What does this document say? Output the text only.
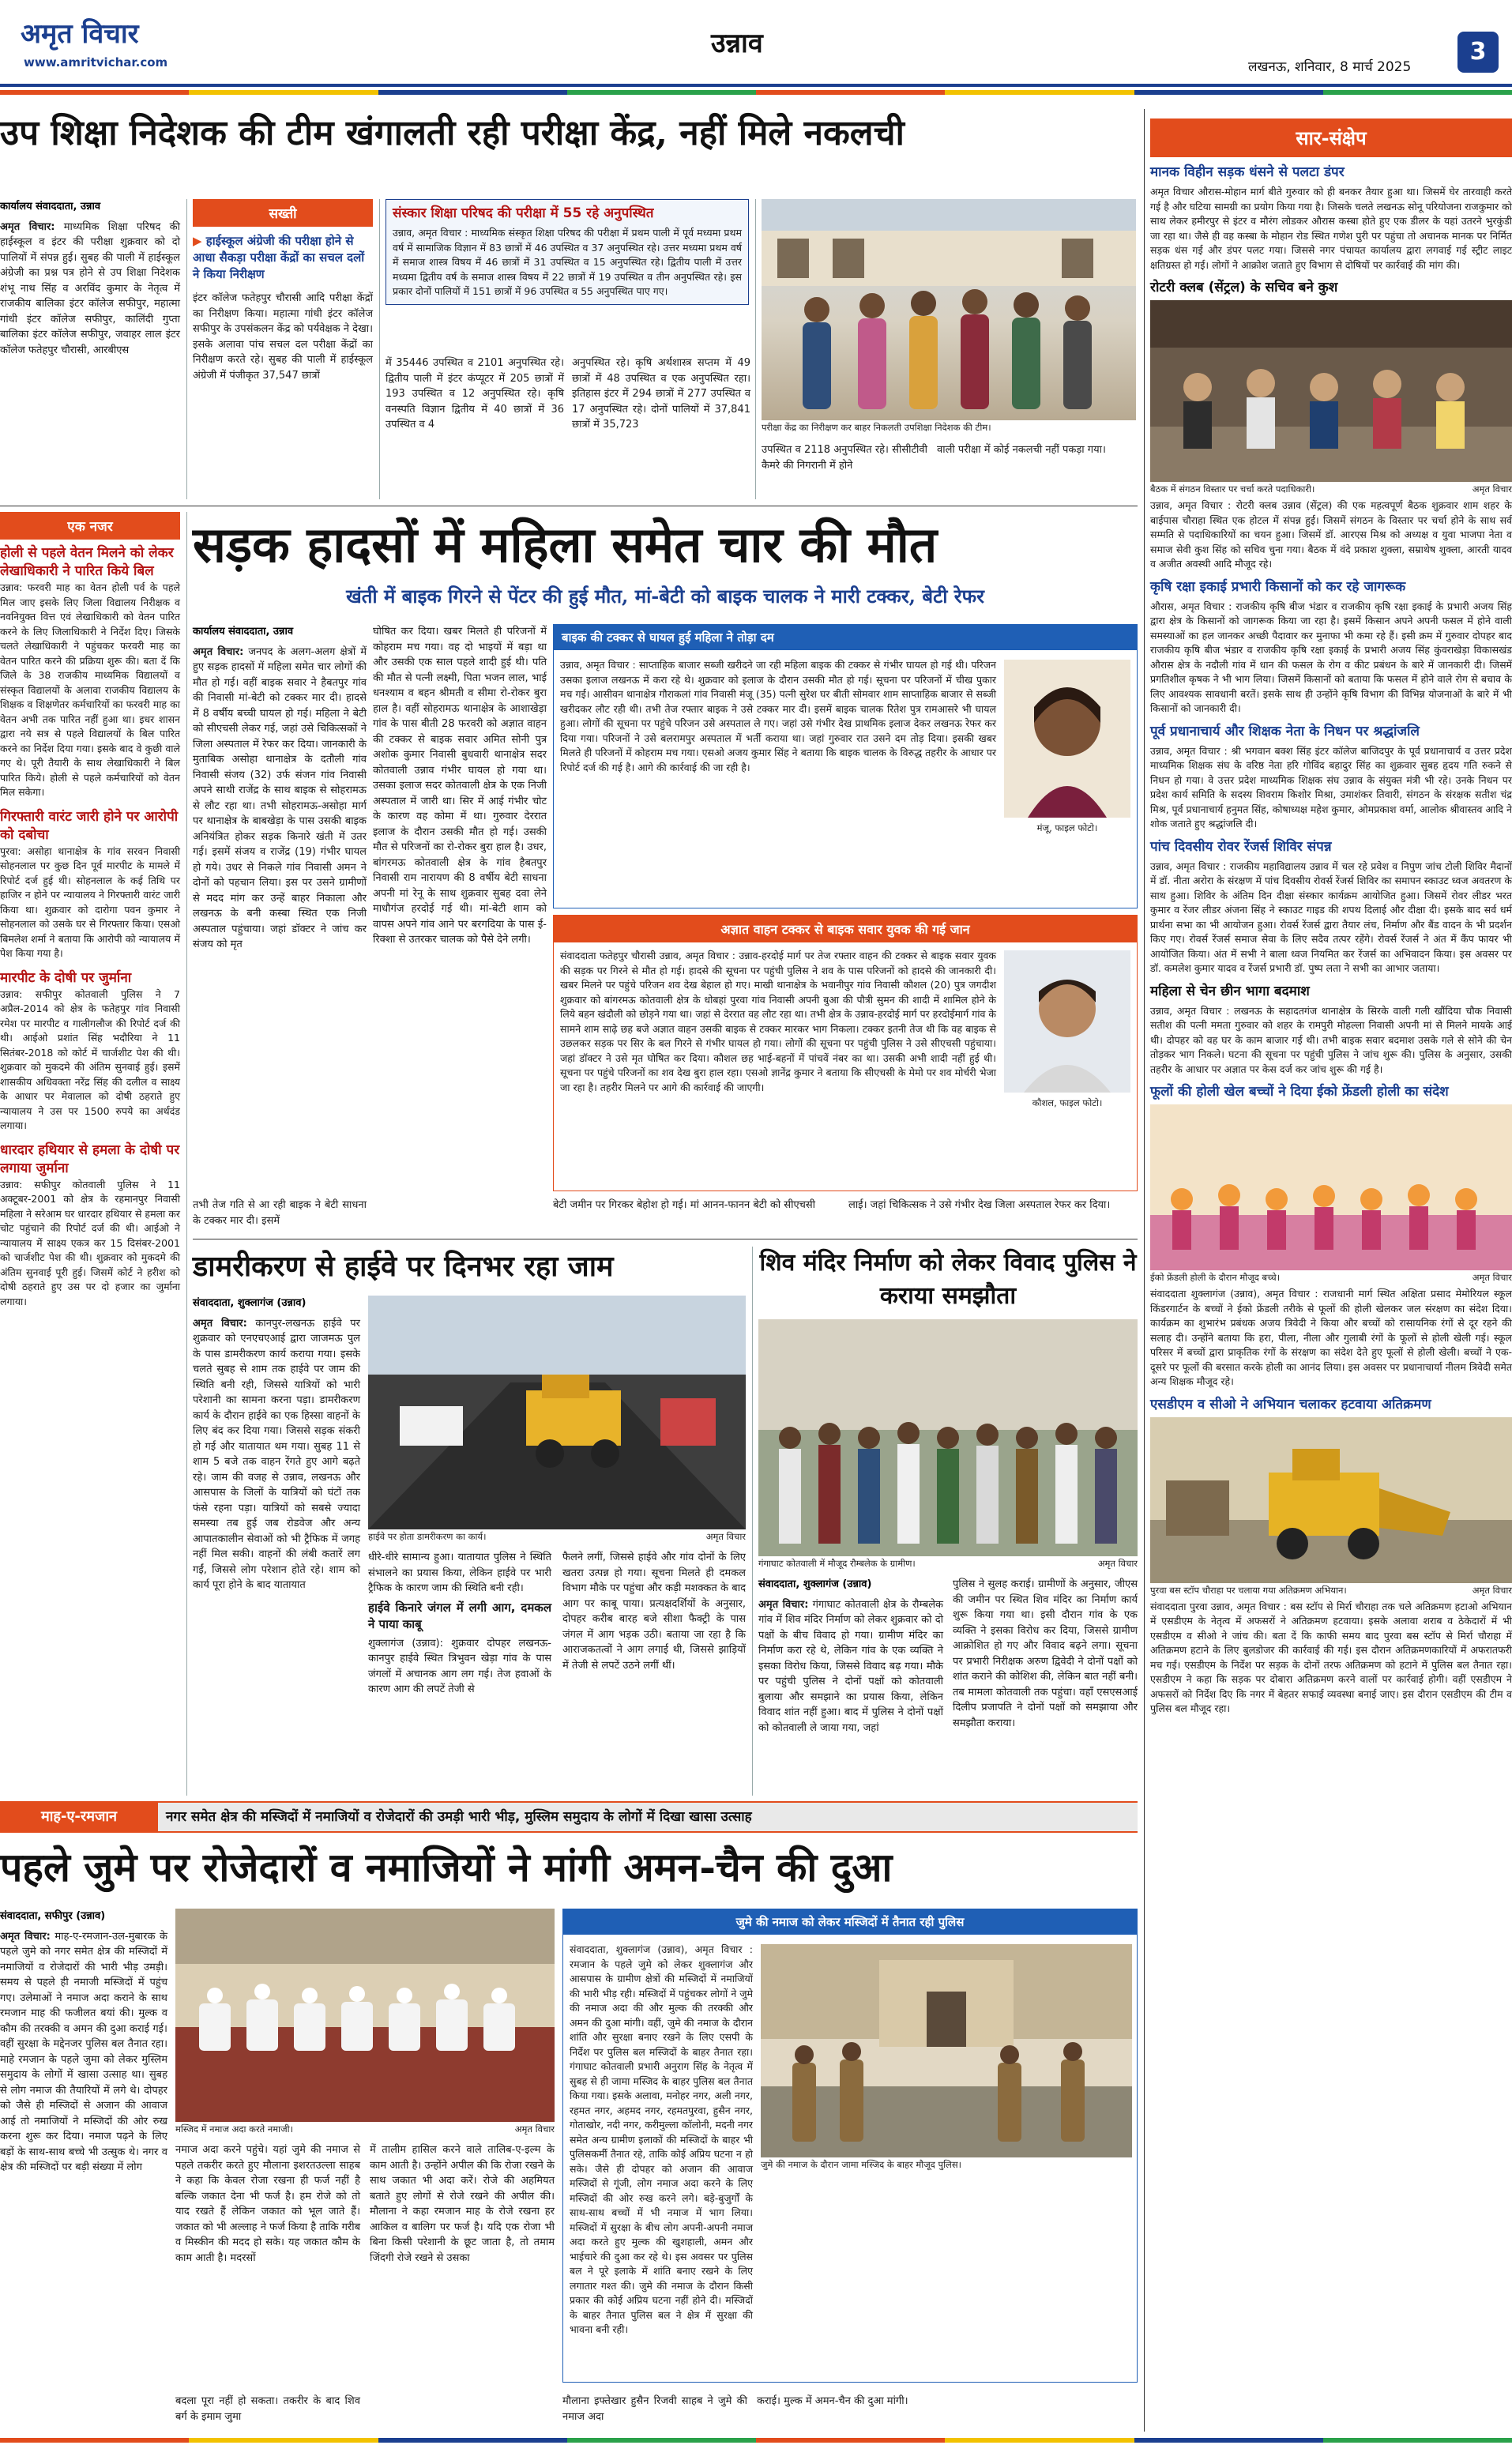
अमृत विचार
www.amritvichar.com
उन्नाव
लखनऊ, शनिवार, 8 मार्च 2025
3
उप शिक्षा निदेशक की टीम खंगालती रही परीक्षा केंद्र, नहीं मिले नकलची
कार्यालय संवाददाता, उन्नाव

अमृत विचार: माध्यमिक शिक्षा परिषद की हाईस्कूल व इंटर की परीक्षा शुक्रवार को दो पालियों में संपन्न हुई। सुबह की पाली में हाईस्कूल अंग्रेजी का प्रश्न पत्र होने से उप शिक्षा निदेशक शंभू नाथ सिंह व अरविंद कुमार के नेतृत्व में राजकीय बालिका इंटर कॉलेज सफीपुर, महात्मा गांधी इंटर कॉलेज सफीपुर, कालिंदी गुप्ता बालिका इंटर कॉलेज सफीपुर, जवाहर लाल इंटर कॉलेज फतेहपुर चौरासी, आरबीएस

सख्ती
▶ हाईस्कूल अंग्रेजी की परीक्षा होने से आधा सैकड़ा परीक्षा केंद्रों का सचल दलों ने किया निरीक्षण
इंटर कॉलेज फतेहपुर चौरासी आदि परीक्षा केंद्रों का निरीक्षण किया। महात्मा गांधी इंटर कॉलेज सफीपुर के उपसंकलन केंद्र को पर्यवेक्षक ने देखा। इसके अलावा पांच सचल दल परीक्षा केंद्रों का निरीक्षण करते रहे। सुबह की पाली में हाईस्कूल अंग्रेजी में पंजीकृत 37,547 छात्रों
संस्कार शिक्षा परिषद की परीक्षा में 55 रहे अनुपस्थित
उन्नाव, अमृत विचार : माध्यमिक संस्कृत शिक्षा परिषद की परीक्षा में प्रथम पाली में पूर्व मध्यमा प्रथम वर्ष में सामाजिक विज्ञान में 83 छात्रों में 46 उपस्थित व 37 अनुपस्थित रहे। उत्तर मध्यमा प्रथम वर्ष में समाज शास्त्र विषय में 46 छात्रों में 31 उपस्थित व 15 अनुपस्थित रहे। द्वितीय पाली में उत्तर मध्यमा द्वितीय वर्ष के समाज शास्त्र विषय में 22 छात्रों में 19 उपस्थित व तीन अनुपस्थित रहे। इस प्रकार दोनों पालियों में 151 छात्रों में 96 उपस्थित व 55 अनुपस्थित पाए गए।
में 35446 उपस्थित व 2101 अनुपस्थित रहे। द्वितीय पाली में इंटर कंप्यूटर में 205 छात्रों में 193 उपस्थित व 12 अनुपस्थित रहे। कृषि वनस्पति विज्ञान द्वितीय में 40 छात्रों में 36 उपस्थित व 4
अनुपस्थित रहे। कृषि अर्थशास्त्र सप्तम में 49 छात्रों में 48 उपस्थित व एक अनुपस्थित रहा। इतिहास इंटर में 294 छात्रों में 277 उपस्थित व 17 अनुपस्थित रहे। दोनों पालियों में 37,841 छात्रों में 35,723
उपस्थित व 2118 अनुपस्थित रहे। सीसीटीवी कैमरे की निगरानी में होने
वाली परीक्षा में कोई नकलची नहीं पकड़ा गया।
परीक्षा केंद्र का निरीक्षण कर बाहर निकलती उपशिक्षा निदेशक की टीम।
एक नजर
होली से पहले वेतन मिलने को लेकर लेखाधिकारी ने पारित किये बिल
उन्नाव: फरवरी माह का वेतन होली पर्व के पहले मिल जाए इसके लिए जिला विद्यालय निरीक्षक व नवनियुक्त वित्त एवं लेखाधिकारी को वेतन पारित करने के लिए जिलाधिकारी ने निर्देश दिए। जिसके चलते लेखाधिकारी ने पहुंचकर फरवरी माह का वेतन पारित करने की प्रक्रिया शुरू की। बता दें कि जिले के 38 राजकीय माध्यमिक विद्यालयों व संस्कृत विद्यालयों के अलावा राजकीय विद्यालय के शिक्षक व शिक्षणेतर कर्मचारियों का फरवरी माह का वेतन अभी तक पारित नहीं हुआ था। इधर शासन द्वारा नये सत्र से पहले विद्यालयों के बिल पारित करने का निर्देश दिया गया। इसके बाद वे कुछी वाले गए थे। पूरी तैयारी के साथ लेखाधिकारी ने बिल पारित किये। होली से पहले कर्मचारियों को वेतन मिल सकेगा।
गिरफ्तारी वारंट जारी होने पर आरोपी को दबोचा
पुरवा: असोहा थानाक्षेत्र के गांव सरवन निवासी सोहनलाल पर कुछ दिन पूर्व मारपीट के मामले में रिपोर्ट दर्ज हुई थी। सोहनलाल के कई तिथि पर हाजिर न होने पर न्यायालय ने गिरफ्तारी वारंट जारी किया था। शुक्रवार को दारोगा पवन कुमार ने सोहनलाल को उसके घर से गिरफ्तार किया। एसओ बिमलेश शर्मा ने बताया कि आरोपी को न्यायालय में पेश किया गया है।
मारपीट के दोषी पर जुर्माना
उन्नाव: सफीपुर कोतवाली पुलिस ने 7 अप्रैल-2014 को क्षेत्र के फतेहपुर गांव निवासी रमेश पर मारपीट व गालीगलौज की रिपोर्ट दर्ज की थी। आईओ प्रशांत सिंह भदौरिया ने 11 सितंबर-2018 को कोर्ट में चार्जशीट पेश की थी। शुक्रवार को मुकदमे की अंतिम सुनवाई हुई। इसमें शासकीय अधिवक्ता नरेंद्र सिंह की दलील व साक्ष्य के आधार पर मेवालाल को दोषी ठहराते हुए न्यायालय ने उस पर 1500 रुपये का अर्थदंड लगाया।
धारदार हथियार से हमला के दोषी पर लगाया जुर्माना
उन्नाव: सफीपुर कोतवाली पुलिस ने 11 अक्टूबर-2001 को क्षेत्र के रहमानपुर निवासी महिला ने सरेआम घर धारदार हथियार से हमला कर चोट पहुंचाने की रिपोर्ट दर्ज की थी। आईओ ने न्यायालय में साक्ष्य एकत्र कर 15 दिसंबर-2001 को चार्जशीट पेश की थी। शुक्रवार को मुकदमे की अंतिम सुनवाई पूरी हुई। जिसमें कोर्ट ने हरीश को दोषी ठहराते हुए उस पर दो हजार का जुर्माना लगाया।
सड़क हादसों में महिला समेत चार की मौत
खंती में बाइक गिरने से पेंटर की हुई मौत, मां-बेटी को बाइक चालक ने मारी टक्कर, बेटी रेफर
कार्यालय संवाददाता, उन्नाव

अमृत विचार: जनपद के अलग-अलग क्षेत्रों में हुए सड़क हादसों में महिला समेत चार लोगों की मौत हो गई। वहीं बाइक सवार ने हैबतपुर गांव की निवासी मां-बेटी को टक्कर मार दी। हादसे में 8 वर्षीय बच्ची घायल हो गई। महिला ने बेटी को सीएचसी लेकर गई, जहां उसे चिकित्सकों ने जिला अस्पताल में रेफर कर दिया। जानकारी के मुताबिक असोहा थानाक्षेत्र के दतौली गांव निवासी संजय (32) उर्फ संजन गांव निवासी अपने साथी राजेंद्र के साथ बाइक से सोहरामऊ से लौट रहा था। तभी सोहरामऊ-असोहा मार्ग पर थानाक्षेत्र के बाबखेड़ा के पास उसकी बाइक अनियंत्रित होकर सड़क किनारे खंती में उतर गई। इसमें संजय व राजेंद्र (19) गंभीर घायल हो गये। उधर से निकले गांव निवासी अमन ने दोनों को पहचान लिया। इस पर उसने ग्रामीणों से मदद मांग कर उन्हें बाहर निकाला और लखनऊ के बनी कस्बा स्थित एक निजी अस्पताल पहुंचाया। जहां डॉक्टर ने जांच कर संजय को मृत

घोषित कर दिया। खबर मिलते ही परिजनों में कोहराम मच गया। वह दो भाइयों में बड़ा था और उसकी एक साल पहले शादी हुई थी। पति की मौत से पत्नी लक्ष्मी, पिता भजन लाल, भाई धनश्याम व बहन श्रीमती व सीमा रो-रोकर बुरा हाल है। वहीं सोहरामऊ थानाक्षेत्र के आशाखेड़ा गांव के पास बीती 28 फरवरी को अज्ञात वाहन की टक्कर से बाइक सवार अमित सोनी पुत्र अशोक कुमार निवासी बुधवारी थानाक्षेत्र सदर कोतवाली उन्नाव गंभीर घायल हो गया था। उसका इलाज सदर कोतवाली क्षेत्र के एक निजी अस्पताल में जारी था। सिर में आई गंभीर चोट के कारण वह कोमा में था। गुरुवार देररात इलाज के दौरान उसकी मौत हो गई। उसकी मौत से परिजनों का रो-रोकर बुरा हाल है। उधर, बांगरमऊ कोतवाली क्षेत्र के गांव हैबतपुर निवासी राम नारायण की 8 वर्षीय बेटी साधना अपनी मां रेनू के साथ शुक्रवार सुबह दवा लेने माधौगंज हरदोई गई थी। मां-बेटी शाम को वापस अपने गांव आने पर बरगदिया के पास ई-रिक्शा से उतरकर चालक को पैसे देने लगी।
बाइक की टक्कर से घायल हुई महिला ने तोड़ा दम
उन्नाव, अमृत विचार : साप्ताहिक बाजार सब्जी खरीदने जा रही महिला बाइक की टक्कर से गंभीर घायल हो गई थी। परिजन उसका इलाज लखनऊ में करा रहे थे। शुक्रवार को इलाज के दौरान उसकी मौत हो गई। सूचना पर परिजनों में चीख पुकार मच गई। आसीवन थानाक्षेत्र गौराकलां गांव निवासी मंजू (35) पत्नी सुरेश घर बीती सोमवार शाम साप्ताहिक बाजार से सब्जी खरीदकर लौट रही थी। तभी तेज रफ्तार बाइक ने उसे टक्कर मार दी। इसमें बाइक चालक रितेश पुत्र रामआसरे भी घायल हुआ। लोगों की सूचना पर पहुंचे परिजन उसे अस्पताल ले गए। जहां उसे गंभीर देख प्राथमिक इलाज देकर लखनऊ रेफर कर दिया गया। परिजनों ने उसे बलरामपुर अस्पताल में भर्ती कराया था। जहां गुरुवार रात उसने दम तोड़ दिया। इसकी खबर मिलते ही परिजनों में कोहराम मच गया। एसओ अजय कुमार सिंह ने बताया कि बाइक चालक के विरुद्ध तहरीर के आधार पर रिपोर्ट दर्ज की गई है। आगे की कार्रवाई की जा रही है।
मंजू, फाइल फोटो।
अज्ञात वाहन टक्कर से बाइक सवार युवक की गई जान
संवाददाता फतेहपुर चौरासी उन्नाव, अमृत विचार : उन्नाव-हरदोई मार्ग पर तेज रफ्तार वाहन की टक्कर से बाइक सवार युवक की सड़क पर गिरने से मौत हो गई। हादसे की सूचना पर पहुंची पुलिस ने शव के पास परिजनों को हादसे की जानकारी दी। खबर मिलने पर पहुंचे परिजन शव देख बेहाल हो गए। माखी थानाक्षेत्र के भवानीपुर गांव निवासी कौशल (20) पुत्र जगदीश शुक्रवार को बांगरमऊ कोतवाली क्षेत्र के धोबहां पुरवा गांव निवासी अपनी बुआ की पौत्री सुमन की शादी में शामिल होने के लिये बहन खंदौली को छोड़ने गया था। जहां से देररात वह लौट रहा था। तभी क्षेत्र के उन्नाव-हरदोई मार्ग पर हरदोईमार्ग गांव के सामने शाम साढ़े छह बजे अज्ञात वाहन उसकी बाइक से टक्कर मारकर भाग निकला। टक्कर इतनी तेज थी कि वह बाइक से उछलकर सड़क पर सिर के बल गिरने से गंभीर घायल हो गया। लोगों की सूचना पर पहुंची पुलिस ने उसे सीएचसी पहुंचाया। जहां डॉक्टर ने उसे मृत घोषित कर दिया। कौशल छह भाई-बहनों में पांचवें नंबर का था। उसकी अभी शादी नहीं हुई थी। सूचना पर पहुंचे परिजनों का शव देख बुरा हाल रहा। एसओ ज्ञानेंद्र कुमार ने बताया कि सीएचसी के मेमो पर शव मोर्चरी भेजा जा रहा है। तहरीर मिलने पर आगे की कार्रवाई की जाएगी।
कौशल, फाइल फोटो।
तभी तेज गति से आ रही बाइक ने बेटी साधना के टक्कर मार दी। इसमें
बेटी जमीन पर गिरकर बेहोश हो गई। मां आनन-फानन बेटी को सीएचसी	लाई। जहां चिकित्सक ने उसे गंभीर देख जिला अस्पताल रेफर कर दिया।
डामरीकरण से हाईवे पर दिनभर रहा जाम
संवाददाता, शुक्लागंज (उन्नाव)

अमृत विचार: कानपुर-लखनऊ हाईवे पर शुक्रवार को एनएचएआई द्वारा जाजमऊ पुल के पास डामरीकरण कार्य कराया गया। इसके चलते सुबह से शाम तक हाईवे पर जाम की स्थिति बनी रही, जिससे यात्रियों को भारी परेशानी का सामना करना पड़ा। डामरीकरण कार्य के दौरान हाईवे का एक हिस्सा वाहनों के लिए बंद कर दिया गया। जिससे सड़क संकरी हो गई और यातायात थम गया। सुबह 11 से शाम 5 बजे तक वाहन रेंगते हुए आगे बढ़ते रहे। जाम की वजह से उन्नाव, लखनऊ और आसपास के जिलों के यात्रियों को घंटों तक फंसे रहना पड़ा। यात्रियों को सबसे ज्यादा समस्या तब हुई जब रोडवेज और अन्य आपातकालीन सेवाओं को भी ट्रैफिक में जगह नहीं मिल सकी। वाहनों की लंबी कतारें लग गईं, जिससे लोग परेशान होते रहे। शाम को कार्य पूरा होने के बाद यातायात

हाईवे पर होता डामरीकरण का कार्य।	अमृत विचार

धीरे-धीरे सामान्य हुआ। यातायात पुलिस ने स्थिति संभालने का प्रयास किया, लेकिन हाईवे पर भारी ट्रैफिक के कारण जाम की स्थिति बनी रही।

हाईवे किनारे जंगल में लगी आग, दमकल ने पाया काबू

शुक्लागंज (उन्नाव): शुक्रवार दोपहर लखनऊ-कानपुर हाईवे स्थित त्रिभुवन खेड़ा गांव के पास जंगलों में अचानक आग लग गई। तेज हवाओं के कारण आग की लपटें तेजी से

फैलने लगीं, जिससे हाईवे और गांव दोनों के लिए खतरा उत्पन्न हो गया। सूचना मिलते ही दमकल विभाग मौके पर पहुंचा और कड़ी मशक्कत के बाद आग पर काबू पाया। प्रत्यक्षदर्शियों के अनुसार, दोपहर करीब बारह बजे सीशा फैक्ट्री के पास जंगल में आग भड़क उठी। बताया जा रहा है कि आराजकतत्वों ने आग लगाई थी, जिससे झाड़ियों में तेजी से लपटें उठने लगीं थीं।
शिव मंदिर निर्माण को लेकर विवाद पुलिस ने कराया समझौता
गंगाघाट कोतवाली में मौजूद रौम्बलेक के ग्रामीण।	अमृत विचार
संवाददाता, शुक्लागंज (उन्नाव)

अमृत विचार: गंगाघाट कोतवाली क्षेत्र के रौम्बलेक गांव में शिव मंदिर निर्माण को लेकर शुक्रवार को दो पक्षों के बीच विवाद हो गया। ग्रामीण मंदिर का निर्माण करा रहे थे, लेकिन गांव के एक व्यक्ति ने इसका विरोध किया, जिससे विवाद बढ़ गया। मौके पर पहुंची पुलिस ने दोनों पक्षों को कोतवाली बुलाया और समझाने का प्रयास किया, लेकिन विवाद शांत नहीं हुआ। बाद में पुलिस ने दोनों पक्षों को कोतवाली ले जाया गया, जहां

पुलिस ने सुलह कराई। ग्रामीणों के अनुसार, जीएस की जमीन पर स्थित शिव मंदिर का निर्माण कार्य शुरू किया गया था। इसी दौरान गांव के एक व्यक्ति ने इसका विरोध कर दिया, जिससे ग्रामीण आक्रोशित हो गए और विवाद बढ़ने लगा। सूचना पर प्रभारी निरीक्षक अरुण द्विवेदी ने दोनों पक्षों को शांत कराने की कोशिश की, लेकिन बात नहीं बनी। तब मामला कोतवाली तक पहुंचा। वहाँ एसएसआई दिलीप प्रजापति ने दोनों पक्षों को समझाया और समझौता कराया।
माह-ए-रमजान	नगर समेत क्षेत्र की मस्जिदों में नमाजियों व रोजेदारों की उमड़ी भारी भीड़, मुस्लिम समुदाय के लोगों में दिखा खासा उत्साह
पहले जुमे पर रोजेदारों व नमाजियों ने मांगी अमन-चैन की दुआ
संवाददाता, सफीपुर (उन्नाव)

अमृत विचार: माह-ए-रमजान-उल-मुबारक के पहले जुमे को नगर समेत क्षेत्र की मस्जिदों में नमाजियों व रोजेदारों की भारी भीड़ उमड़ी। समय से पहले ही नमाजी मस्जिदों में पहुंच गए। उलेमाओं ने नमाज अदा कराने के साथ रमजान माह की फजीलत बयां की। मुल्क व कौम की तरक्की व अमन की दुआ कराई गई। वहीं सुरक्षा के मद्देनजर पुलिस बल तैनात रहा। माहे रमजान के पहले जुमा को लेकर मुस्लिम समुदाय के लोगों में खासा उत्साह था। सुबह से लोग नमाज की तैयारियों में लगे थे। दोपहर को जैसे ही मस्जिदों से अजान की आवाज आई तो नमाजियों ने मस्जिदों की ओर रुख करना शुरू कर दिया। नमाज पढ़ने के लिए बड़ों के साथ-साथ बच्चे भी उत्सुक थे। नगर व क्षेत्र की मस्जिदों पर बड़ी संख्या में लोग

मस्जिद में नमाज अदा करते नमाजी।	अमृत विचार
नमाज अदा करने पहुंचे। यहां जुमे की नमाज से पहले तकरीर करते हुए मौलाना इशरतउल्ला साहब ने कहा कि केवल रोजा रखना ही फर्ज नहीं है बल्कि जकात देना भी फर्ज है। हम रोजे को तो याद रखते हैं लेकिन जकात को भूल जाते हैं। जकात को भी अल्लाह ने फर्ज किया है ताकि गरीब व मिस्कीन की मदद हो सके। यह जकात कौम के काम आती है। मदरसों
में तालीम हासिल करने वाले तालिब-ए-इल्म के काम आती है। उन्होंने अपील की कि रोजा रखने के साथ जकात भी अदा करें। रोजे की अहमियत बताते हुए लोगों से रोजे रखने की अपील की। मौलाना ने कहा रमजान माह के रोजे रखना हर आकिल व बालिग पर फर्ज है। यदि एक रोजा भी बिना किसी परेशानी के छूट जाता है, तो तमाम जिंदगी रोजे रखने से उसका
जुमे की नमाज को लेकर मस्जिदों में तैनात रही पुलिस
संवाददाता, शुक्लागंज (उन्नाव), अमृत विचार : रमजान के पहले जुमे को लेकर शुक्लागंज और आसपास के ग्रामीण क्षेत्रों की मस्जिदों में नमाजियों की भारी भीड़ रही। मस्जिदों में पहुंचकर लोगों ने जुमे की नमाज अदा की और मुल्क की तरक्की और अमन की दुआ मांगी। वहीं, जुमे की नमाज के दौरान शांति और सुरक्षा बनाए रखने के लिए एसपी के निर्देश पर पुलिस बल मस्जिदों के बाहर तैनात रहा। गंगाघाट कोतवाली प्रभारी अनुराग सिंह के नेतृत्व में सुबह से ही जामा मस्जिद के बाहर पुलिस बल तैनात किया गया। इसके अलावा, मनोहर नगर, अली नगर, रहमत नगर, अहमद नगर, रहमतपुरवा, हुसैन नगर, गोताखोर, नदी नगर, करीमुल्ला कॉलोनी, मदनी नगर समेत अन्य ग्रामीण इलाकों की मस्जिदों के बाहर भी पुलिसकर्मी तैनात रहे, ताकि कोई अप्रिय घटना न हो सके। जैसे ही दोपहर को अजान की आवाज मस्जिदों से गूंजी, लोग नमाज अदा करने के लिए मस्जिदों की ओर रुख करने लगे। बड़े-बुजुर्गों के साथ-साथ बच्चों में भी नमाज में भाग लिया। मस्जिदों में सुरक्षा के बीच लोग अपनी-अपनी नमाज अदा करते हुए मुल्क की खुशहाली, अमन और भाईचारे की दुआ कर रहे थे। इस अवसर पर पुलिस बल ने पूरे इलाके में शांति बनाए रखने के लिए लगातार गश्त की। जुमे की नमाज के दौरान किसी प्रकार की कोई अप्रिय घटना नहीं होने दी। मस्जिदों के बाहर तैनात पुलिस बल ने क्षेत्र में सुरक्षा की भावना बनी रही।
जुमे की नमाज के दौरान जामा मस्जिद के बाहर मौजूद पुलिस।
बदला पूरा नहीं हो सकता। तकरीर के बाद शिव बर्ग के इमाम जुमा
मौलाना इफ्तेखार हुसैन रिजवी साहब ने जुमे की नमाज अदा
कराई। मुल्क में अमन-चैन की दुआ मांगी।
सार-संक्षेप
मानक विहीन सड़क धंसने से पलटा डंपर
अमृत विचार औरास-मोहान मार्ग बीते गुरुवार को ही बनकर तैयार हुआ था। जिसमें घेर तारवाही करते गई है और घटिया सामग्री का प्रयोग किया गया है। जिसके चलते लखनऊ सोनू परियोजना राजकुमार को साथ लेकर हमीरपुर से इंटर व मौरंग लोडकर औरास कस्बा होते हुए एक डीलर के यहां उतरने भुरकुंडी जा रहा था। जैसे ही वह कस्बा के मोहान रोड स्थित गणेश पुरी पर पहुंचा तो अचानक मानक पर निर्मित सड़क धंस गई और डंपर पलट गया। जिससे नगर पंचायत कार्यालय द्वारा लगवाई गई स्ट्रीट लाइट क्षतिग्रस्त हो गई। लोगों ने आक्रोश जताते हुए विभाग से दोषियों पर कार्रवाई की मांग की।
रोटरी क्लब (सेंट्रल) के सचिव बने कुश
बैठक में संगठन विस्तार पर चर्चा करते पदाधिकारी।	अमृत विचार
उन्नाव, अमृत विचार : रोटरी क्लब उन्नाव (सेंट्रल) की एक महत्वपूर्ण बैठक शुक्रवार शाम शहर के बाईपास चौराहा स्थित एक होटल में संपन्न हुई। जिसमें संगठन के विस्तार पर चर्चा होने के साथ सर्व सम्मति से पदाधिकारियों का चयन हुआ। जिसमें डॉ. आरएस मिश्र को अध्यक्ष व युवा भाजपा नेता व समाज सेवी कुश सिंह को सचिव चुना गया। बैठक में वंदे प्रकाश शुक्ला, सम्राथेष शुक्ला, आरती यादव व अजीत अवस्थी आदि मौजूद रहे।
कृषि रक्षा इकाई प्रभारी किसानों को कर रहे जागरूक
औरास, अमृत विचार : राजकीय कृषि बीज भंडार व राजकीय कृषि रक्षा इकाई के प्रभारी अजय सिंह द्वारा क्षेत्र के किसानों को जागरूक किया जा रहा है। इसमें किसान अपने अपनी फसल में होने वाली समस्याओं का हल जानकर अच्छी पैदावार कर मुनाफा भी कमा रहे हैं। इसी क्रम में गुरुवार दोपहर बाद राजकीय कृषि बीज भंडार व राजकीय कृषि रक्षा इकाई के प्रभारी अजय सिंह कुंवराखेड़ा विकासखंड औरास क्षेत्र के नदौली गांव में धान की फसल के रोग व कीट प्रबंधन के बारे में जानकारी दी। जिसमें प्रगतिशील कृषक ने भी भाग लिया। जिसमें किसानों को बताया कि फसल में होने वाले रोग से बचाव के लिए आवश्यक सावधानी बरतें। इसके साथ ही उन्होंने कृषि विभाग की विभिन्न योजनाओं के बारे में भी किसानों को जानकारी दी।
पूर्व प्रधानाचार्य और शिक्षक नेता के निधन पर श्रद्धांजलि
उन्नाव, अमृत विचार : श्री भगवान बक्श सिंह इंटर कॉलेज बाजिदपुर के पूर्व प्रधानाचार्य व उत्तर प्रदेश माध्यमिक शिक्षक संघ के वरिष्ठ नेता हरि गोविंद बहादुर सिंह का शुक्रवार सुबह हृदय गति रुकने से निधन हो गया। वे उत्तर प्रदेश माध्यमिक शिक्षक संघ उन्नाव के संयुक्त मंत्री भी रहे। उनके निधन पर प्रदेश कार्य समिति के सदस्य शिवराम किशोर मिश्रा, उमाशंकर तिवारी, संगठन के संरक्षक सतीश चंद्र मिश्र, पूर्व प्रधानाचार्य हनुमत सिंह, कोषाध्यक्ष महेश कुमार, ओमप्रकाश वर्मा, आलोक श्रीवास्तव आदि ने शोक जताते हुए श्रद्धांजलि दी।
पांच दिवसीय रोवर रेंजर्स शिविर संपन्न
उन्नाव, अमृत विचार : राजकीय महाविद्यालय उन्नाव में चल रहे प्रवेश व निपुण जांच टोली शिविर मैदानों में डॉ. नीता अरोरा के संरक्षण में पांच दिवसीय रोवर्स रेंजर्स शिविर का समापन स्काउट ध्वज अवतरण के साथ हुआ। शिविर के अंतिम दिन दीक्षा संस्कार कार्यक्रम आयोजित हुआ। जिसमें रोवर लीडर भरत कुमार व रेंजर लीडर अंजना सिंह ने स्काउट गाइड की शपथ दिलाई और दीक्षा दी। इसके बाद सर्व धर्म प्रार्थना सभा का भी आयोजन हुआ। रोवर्स रेंजर्स द्वारा तैयार लंच, निर्माण और बैंड वादन के भी प्रदर्शन किए गए। रोवर्स रेंजर्स समाज सेवा के लिए सदैव तत्पर रहेंगे। रोवर्स रेंजर्स ने अंत में कैंप फायर भी आयोजित किया। अंत में सभी ने बाला ध्वज नियमित कर रेंजर्स का अभिवादन किया। इस अवसर पर डॉ. कमलेश कुमार यादव व रेंजर्स प्रभारी डॉ. पुष्प लता ने सभी का आभार जताया।
महिला से चेन छीन भागा बदमाश
उन्नाव, अमृत विचार : लखनऊ के सहादतगंज थानाक्षेत्र के सिरके वाली गली खौंदिया चौक निवासी सतीश की पत्नी ममता गुरुवार को शहर के रामपुरी मोहल्ला निवासी अपनी मां से मिलने मायके आई थी। दोपहर को वह घर के काम बाजार गई थी। तभी बाइक सवार बदमाश उसके गले से सोने की चेन तोड़कर भाग निकले। घटना की सूचना पर पहुंची पुलिस ने जांच शुरू की। पुलिस के अनुसार, उसकी तहरीर के आधार पर अज्ञात पर केस दर्ज कर जांच शुरू की गई है।
फूलों की होली खेल बच्चों ने दिया ईको फ्रेंडली होली का संदेश
ईको फ्रेंडली होली के दौरान मौजूद बच्चे।	अमृत विचार
संवाददाता शुक्लागंज (उन्नाव), अमृत विचार : राजधानी मार्ग स्थित अक्षिता प्रसाद मेमोरियल स्कूल किंडरगार्टन के बच्चों ने ईको फ्रेंडली तरीके से फूलों की होली खेलकर जल संरक्षण का संदेश दिया। कार्यक्रम का शुभारंभ प्रबंधक अजय त्रिवेदी ने किया और बच्चों को रासायनिक रंगों से दूर रहने की सलाह दी। उन्होंने बताया कि हरा, पीला, नीला और गुलाबी रंगों के फूलों से होली खेली गई। स्कूल परिसर में बच्चों द्वारा प्राकृतिक रंगों के संरक्षण का संदेश देते हुए फूलों से होली खेली। बच्चों ने एक-दूसरे पर फूलों की बरसात करके होली का आनंद लिया। इस अवसर पर प्रधानाचार्या नीलम त्रिवेदी समेत अन्य शिक्षक मौजूद रहे।
एसडीएम व सीओ ने अभियान चलाकर हटवाया अतिक्रमण
पुरवा बस स्टॉप चौराहा पर चलाया गया अतिक्रमण अभियान।	अमृत विचार
संवाददाता पुरवा उन्नाव, अमृत विचार : बस स्टॉप से मिर्रा चौराहा तक चले अतिक्रमण हटाओ अभियान में एसडीएम के नेतृत्व में अफसरों ने अतिक्रमण हटवाया। इसके अलावा शराब व ठेकेदारों में भी एसडीएम व सीओ ने जांच की। बता दें कि काफी समय बाद पुरवा बस स्टॉप से मिर्रा चौराहा में अतिक्रमण हटाने के लिए बुलडोजर की कार्रवाई की गई। इस दौरान अतिक्रमणकारियों में अफरातफरी मच गई। एसडीएम के निर्देश पर सड़क के दोनों तरफ अतिक्रमण को हटाने में पुलिस बल तैनात रहा। एसडीएम ने कहा कि सड़क पर दोबारा अतिक्रमण करने वालों पर कार्रवाई होगी। वहीं एसडीएम ने अफसरों को निर्देश दिए कि नगर में बेहतर सफाई व्यवस्था बनाई जाए। इस दौरान एसडीएम की टीम व पुलिस बल मौजूद रहा।
